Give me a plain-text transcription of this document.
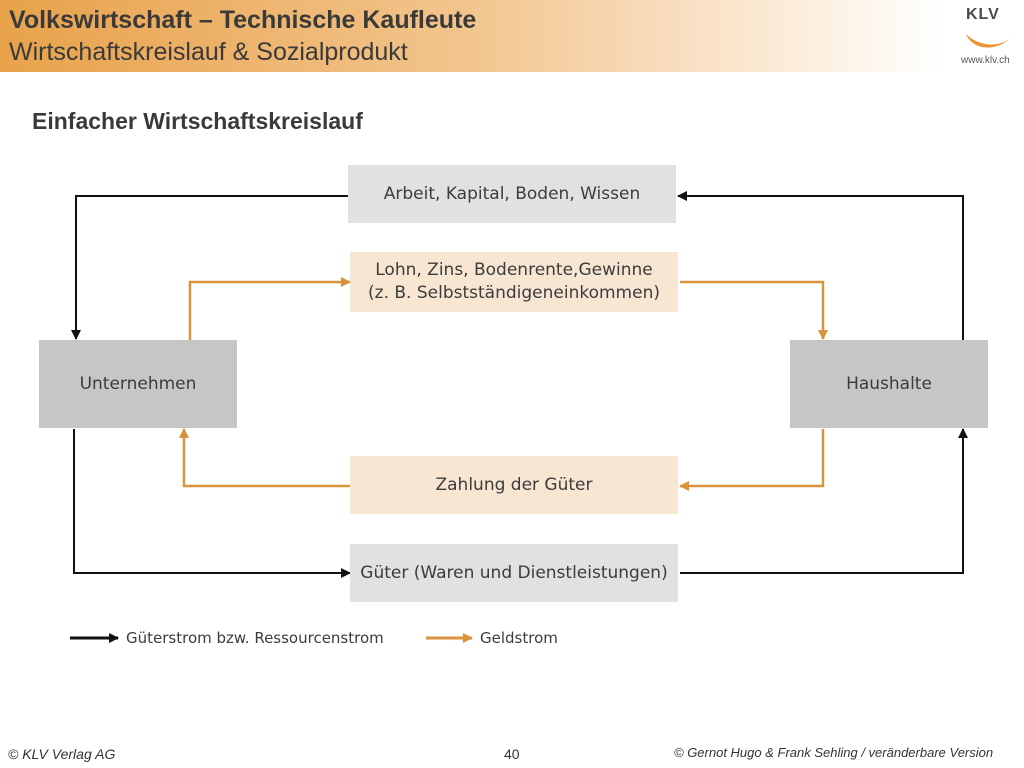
Volkswirtschaft – Technische Kaufleute
Wirtschaftskreislauf & Sozialprodukt
KLV
www.klv.ch
Einfacher Wirtschaftskreislauf
Arbeit, Kapital, Boden, Wissen
Lohn, Zins, Bodenrente,Gewinne
(z. B. Selbstständigeneinkommen)
Unternehmen	Haushalte
Zahlung der Güter
Güter (Waren und Dienstleistungen)
Güterstrom bzw. Ressourcenstrom	Geldstrom
© KLV Verlag AG	40	© Gernot Hugo & Frank Sehling / veränderbare Version
